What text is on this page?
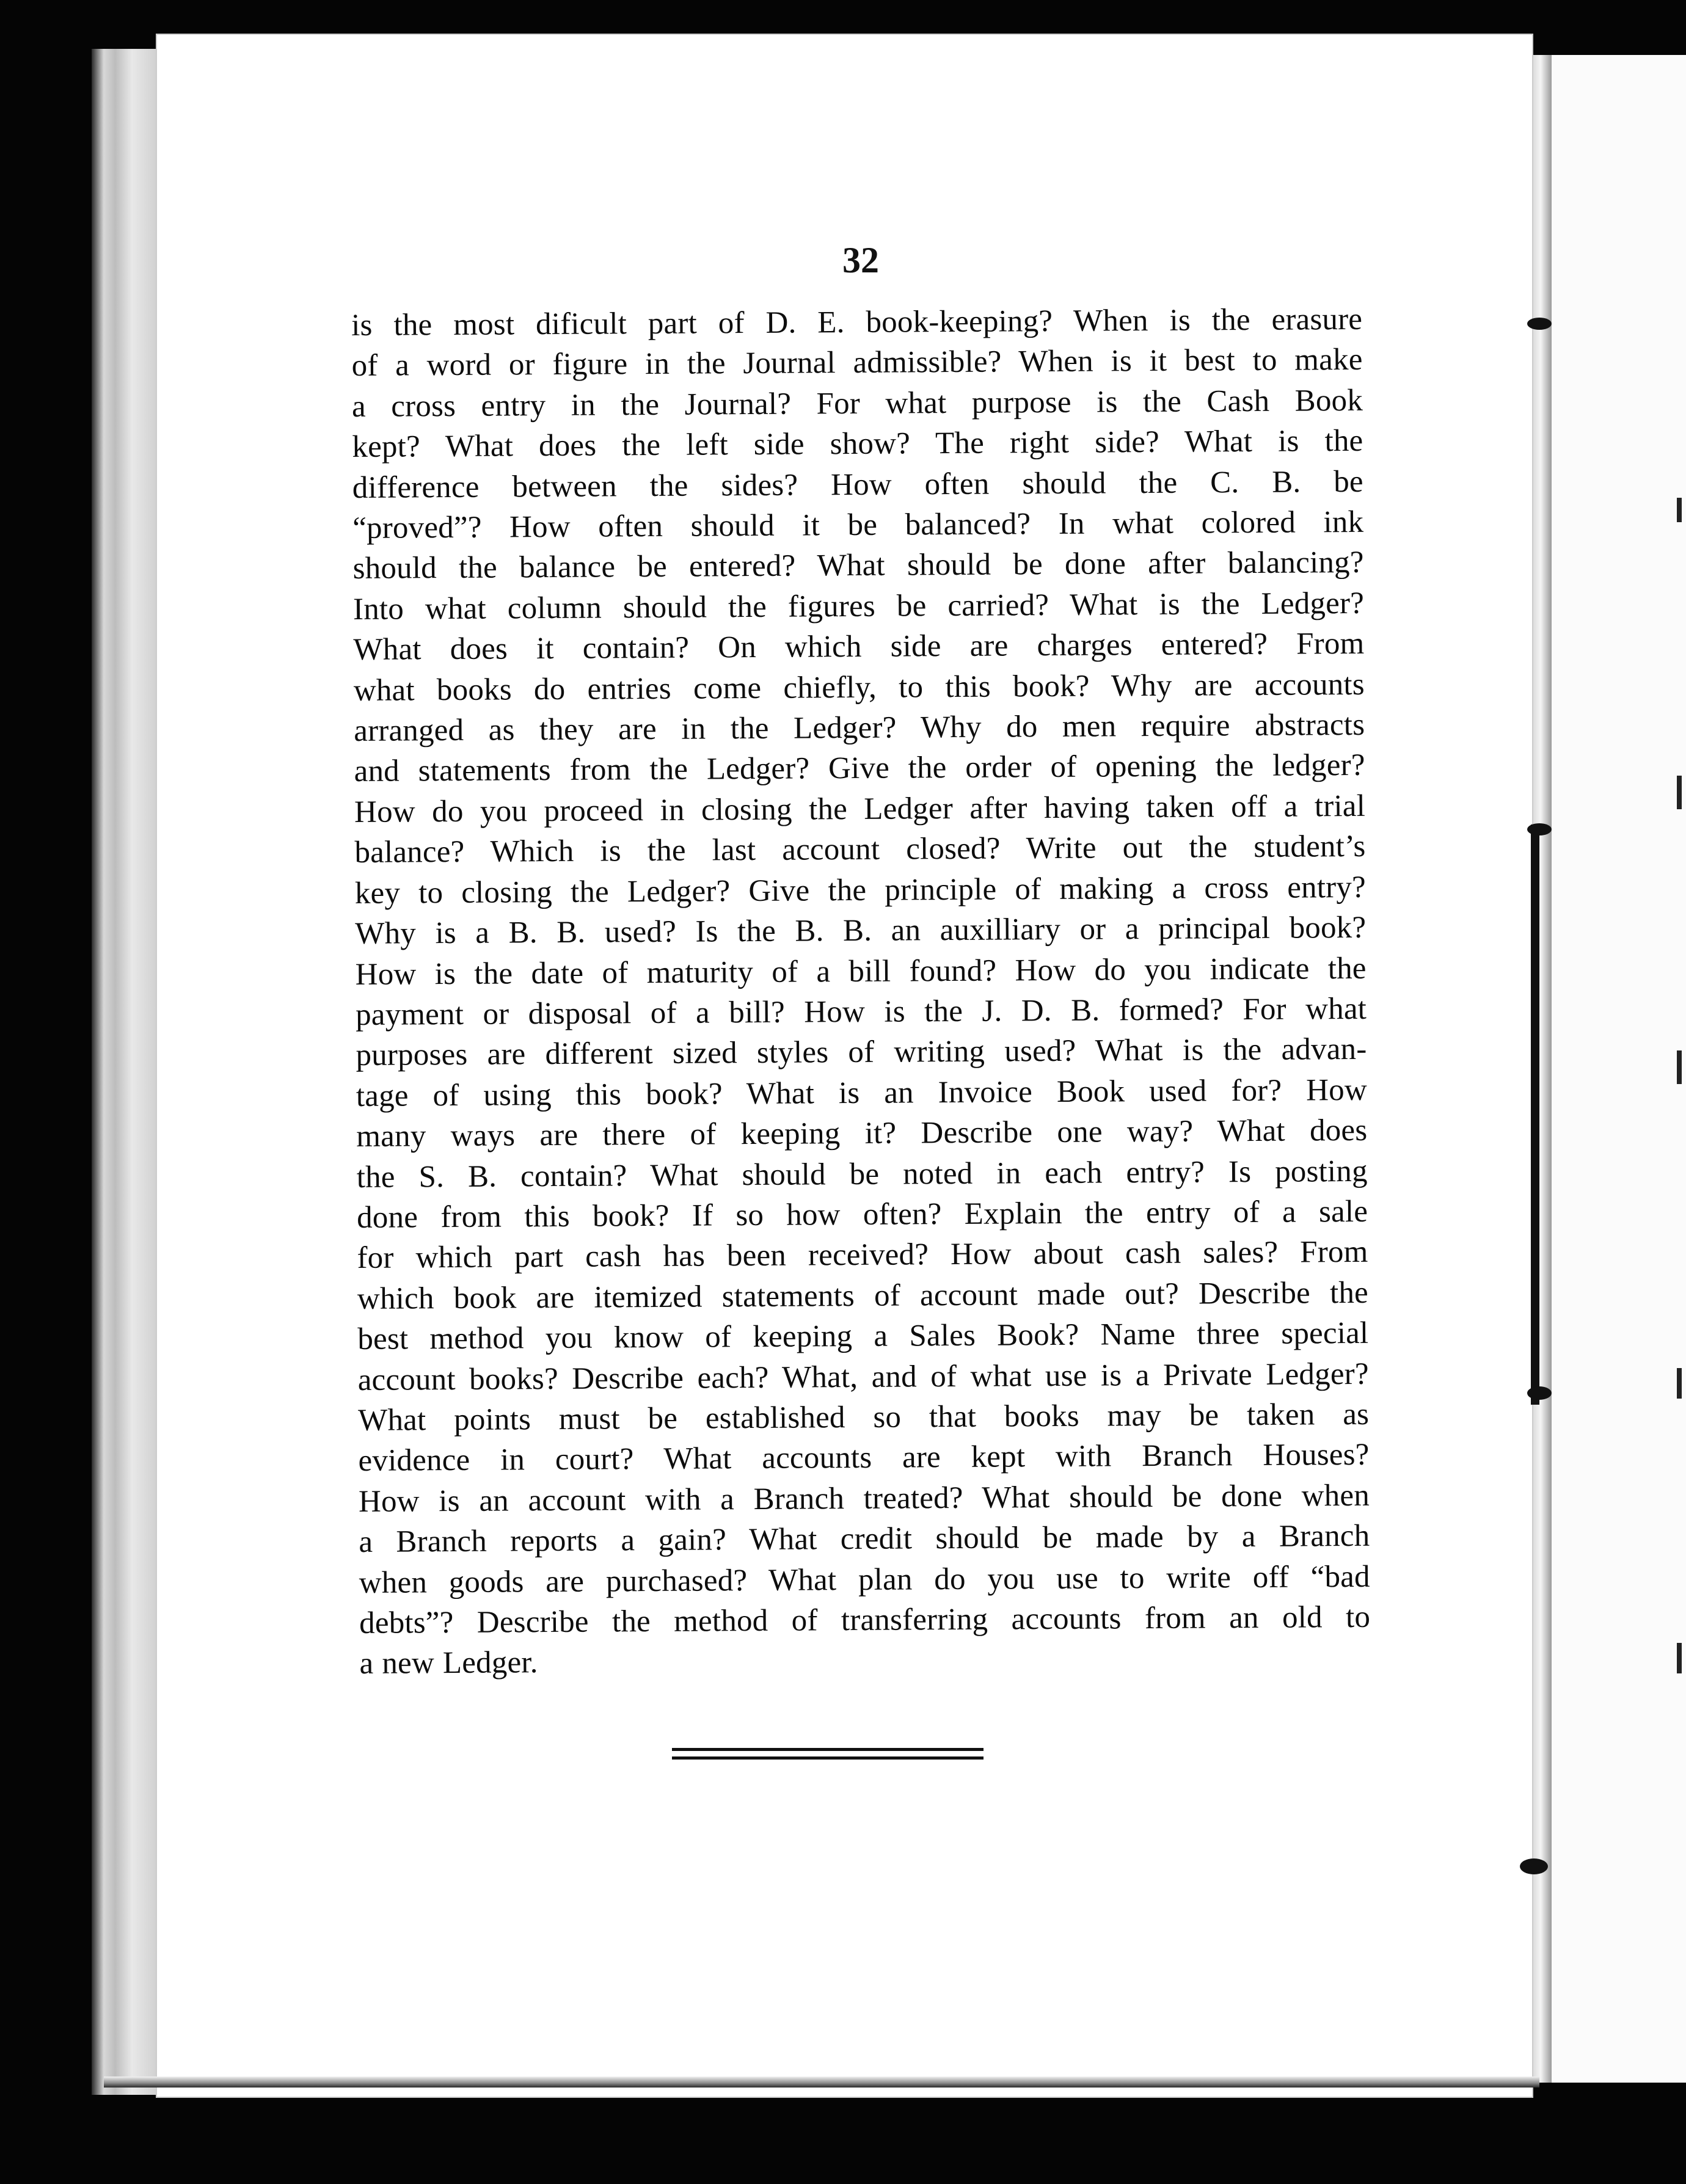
32
is the most dificult part of D. E. book-keeping? When is the erasure
of a word or figure in the Journal admissible? When is it best to make
a cross entry in the Journal? For what purpose is the Cash Book
kept? What does the left side show? The right side? What is the
difference between the sides? How often should the C. B. be
“proved”? How often should it be balanced? In what colored ink
should the balance be entered? What should be done after balancing?
Into what column should the figures be carried? What is the Ledger?
What does it contain? On which side are charges entered? From
what books do entries come chiefly, to this book? Why are accounts
arranged as they are in the Ledger? Why do men require abstracts
and statements from the Ledger? Give the order of opening the ledger?
How do you proceed in closing the Ledger after having taken off a trial
balance? Which is the last account closed? Write out the student’s
key to closing the Ledger? Give the principle of making a cross entry?
Why is a B. B. used? Is the B. B. an auxilliary or a principal book?
How is the date of maturity of a bill found? How do you indicate the
payment or disposal of a bill? How is the J. D. B. formed? For what
purposes are different sized styles of writing used? What is the advan-
tage of using this book? What is an Invoice Book used for? How
many ways are there of keeping it? Describe one way? What does
the S. B. contain? What should be noted in each entry? Is posting
done from this book? If so how often? Explain the entry of a sale
for which part cash has been received? How about cash sales? From
which book are itemized statements of account made out? Describe the
best method you know of keeping a Sales Book? Name three special
account books? Describe each? What, and of what use is a Private Ledger?
What points must be established so that books may be taken as
evidence in court? What accounts are kept with Branch Houses?
How is an account with a Branch treated? What should be done when
a Branch reports a gain? What credit should be made by a Branch
when goods are purchased? What plan do you use to write off “bad
debts”? Describe the method of transferring accounts from an old to
a new Ledger.
